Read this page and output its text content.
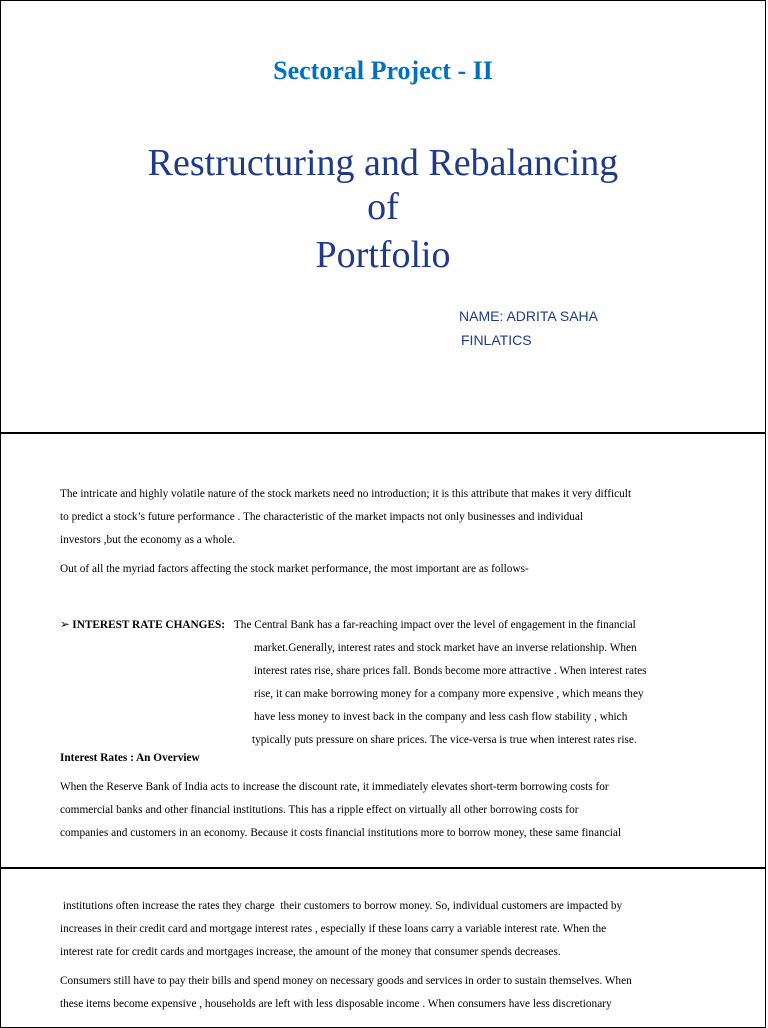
Sectoral Project - II
Restructuring and Rebalancing
of
Portfolio
NAME: ADRITA SAHA
FINLATICS

The intricate and highly volatile nature of the stock markets need no introduction; it is this attribute that makes it very difficult

to predict a stock’s future performance . The characteristic of the market impacts not only businesses and individual

investors ,but the economy as a whole.

Out of all the myriad factors affecting the stock market performance, the most important are as follows-

➢ INTEREST RATE CHANGES: The Central Bank has a far-reaching impact over the level of engagement in the financial

market.Generally, interest rates and stock market have an inverse relationship. When

interest rates rise, share prices fall. Bonds become more attractive . When interest rates

rise, it can make borrowing money for a company more expensive , which means they

have less money to invest back in the company and less cash flow stability , which

typically puts pressure on share prices. The vice-versa is true when interest rates rise.

Interest Rates : An Overview

When the Reserve Bank of India acts to increase the discount rate, it immediately elevates short-term borrowing costs for

commercial banks and other financial institutions. This has a ripple effect on virtually all other borrowing costs for

companies and customers in an economy. Because it costs financial institutions more to borrow money, these same financial

institutions often increase the rates they charge  their customers to borrow money. So, individual customers are impacted by

increases in their credit card and mortgage interest rates , especially if these loans carry a variable interest rate. When the

interest rate for credit cards and mortgages increase, the amount of the money that consumer spends decreases.

Consumers still have to pay their bills and spend money on necessary goods and services in order to sustain themselves. When

these items become expensive , households are left with less disposable income . When consumers have less discretionary
